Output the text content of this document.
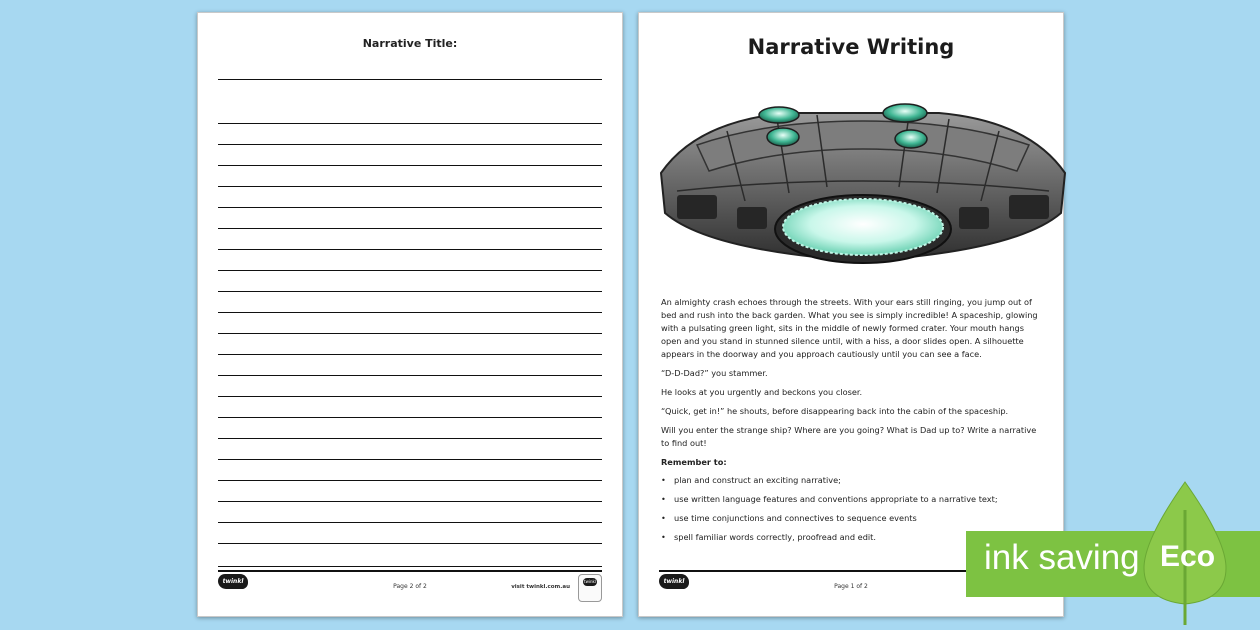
Narrative Title:
twinkl
Page 2 of 2	visit twinkl.com.au
twinkl
Narrative Writing

An almighty crash echoes through the streets. With your ears still ringing, you jump out of bed and rush into the back garden. What you see is simply incredible! A spaceship, glowing with a pulsating green light, sits in the middle of newly formed crater. Your mouth hangs open and you stand in stunned silence until, with a hiss, a door slides open. A silhouette appears in the doorway and you approach cautiously until you can see a face.

“D-D-Dad?” you stammer.

He looks at you urgently and beckons you closer.

“Quick, get in!” he shouts, before disappearing back into the cabin of the spaceship.

Will you enter the strange ship? Where are you going? What is Dad up to? Write a narrative to find out!

Remember to:

• plan and construct an exciting narrative;
• use written language features and conventions appropriate to a narrative text;
• use time conjunctions and connectives to sequence events
• spell familiar words correctly, proofread and edit.
twinkl
Page 1 of 2
ink saving Eco
